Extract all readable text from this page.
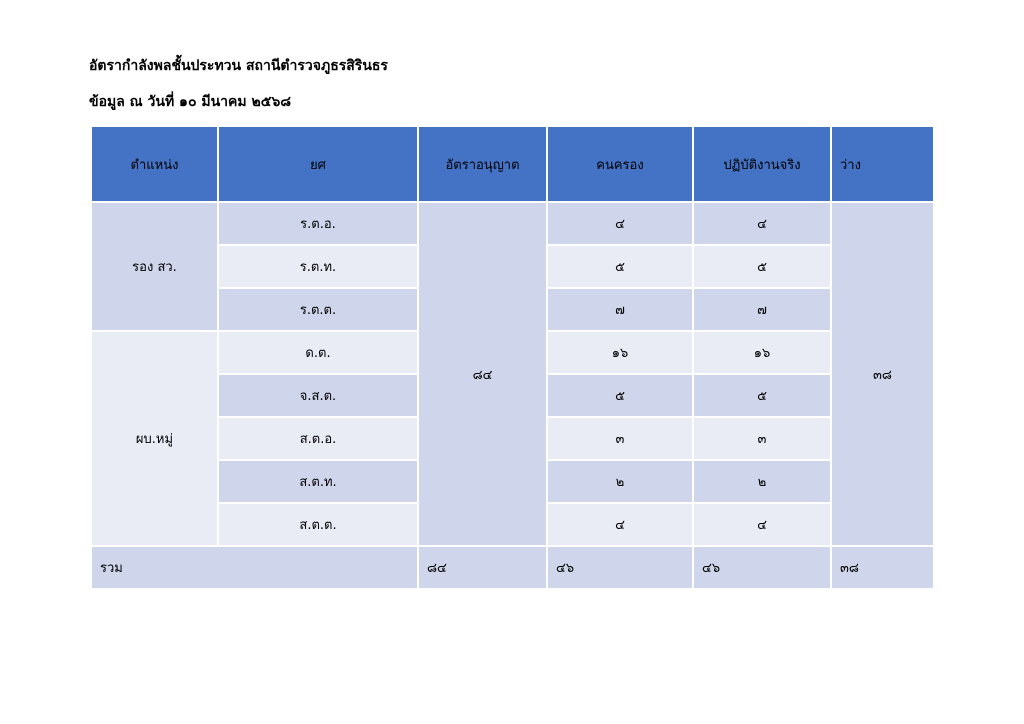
อัตรากำลังพลชั้นประทวน สถานีตำรวจภูธรสิรินธร
ข้อมูล ณ วันที่ ๑๐ มีนาคม ๒๕๖๘
ตำแหน่ง	ยศ	อัตราอนุญาต	คนครอง	ปฏิบัติงานจริง	ว่าง
รอง สว.	ร.ต.อ.	๘๔	๔	๔	๓๘
	ร.ต.ท.		๕	๕	
	ร.ต.ต.		๗	๗	
ผบ.หมู่	ด.ต.		๑๖	๑๖	
	จ.ส.ต.		๕	๕	
	ส.ต.อ.		๓	๓	
	ส.ต.ท.		๒	๒	
	ส.ต.ต.		๔	๔	
รวม		๘๔	๔๖	๔๖	๓๘
